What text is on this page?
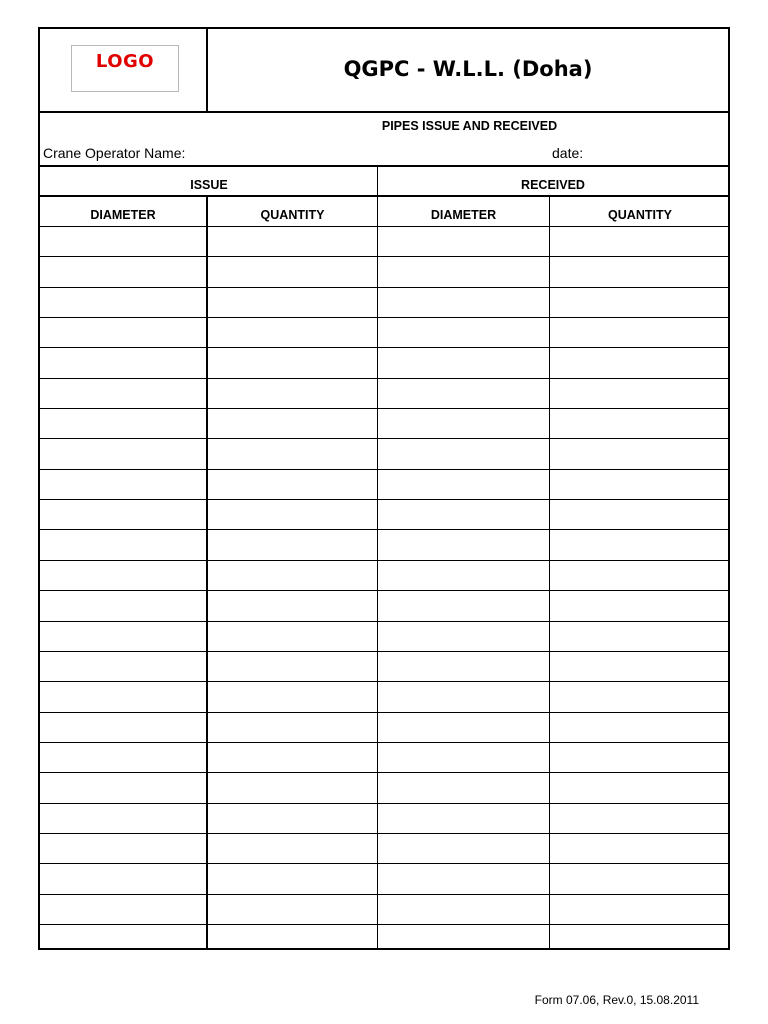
LOGO	QGPC - W.L.L. (Doha)
PIPES ISSUE AND RECEIVED
Crane Operator Name:	date:
ISSUE	RECEIVED
DIAMETER	QUANTITY	DIAMETER	QUANTITY
Form 07.06, Rev.0, 15.08.2011
